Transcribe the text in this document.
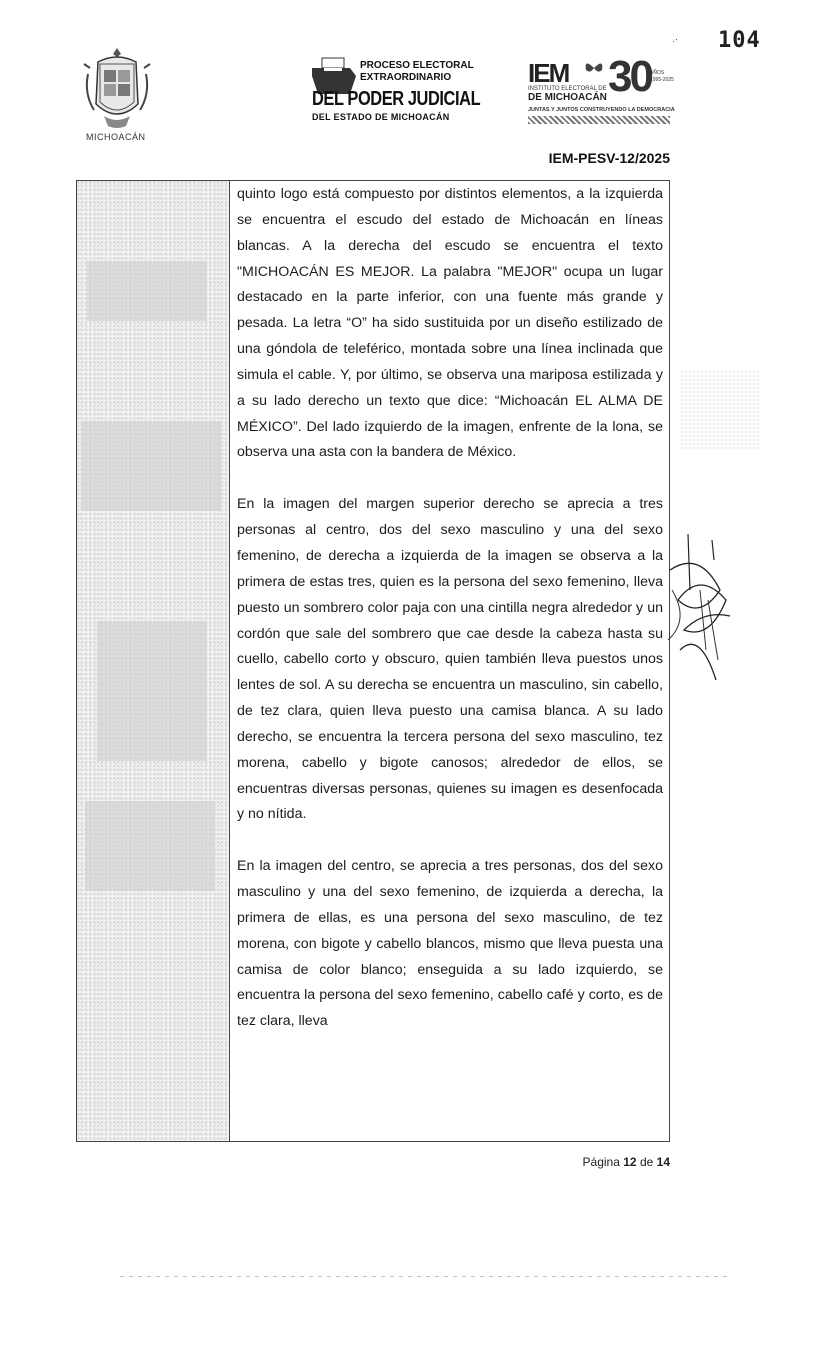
104
.·
MICHOACÁN
PROCESO ELECTORAL
EXTRAORDINARIO
DEL PODER JUDICIAL
DEL ESTADO DE MICHOACÁN
IEM 30 AÑOS
1995-2025
INSTITUTO ELECTORAL DE
DE MICHOACÁN
JUNTAS Y JUNTOS CONSTRUYENDO LA DEMOCRACIA
IEM-PESV-12/2025

quinto logo está compuesto por distintos elementos, a la izquierda se encuentra el escudo del estado de Michoacán en líneas blancas. A la derecha del escudo se encuentra el texto "MICHOACÁN ES MEJOR. La palabra "MEJOR" ocupa un lugar destacado en la parte inferior, con una fuente más grande y pesada. La letra “O” ha sido sustituida por un diseño estilizado de una góndola de teleférico, montada sobre una línea inclinada que simula el cable. Y, por último, se observa una mariposa estilizada y a su lado derecho un texto que dice: “Michoacán EL ALMA DE MÉXICO”. Del lado izquierdo de la imagen, enfrente de la lona, se observa una asta con la bandera de México.

En la imagen del margen superior derecho se aprecia a tres personas al centro, dos del sexo masculino y una del sexo femenino, de derecha a izquierda de la imagen se observa a la primera de estas tres, quien es la persona del sexo femenino, lleva puesto un sombrero color paja con una cintilla negra alrededor y un cordón que sale del sombrero que cae desde la cabeza hasta su cuello, cabello corto y obscuro, quien también lleva puestos unos lentes de sol. A su derecha se encuentra un masculino, sin cabello, de tez clara, quien lleva puesto una camisa blanca. A su lado derecho, se encuentra la tercera persona del sexo masculino, tez morena, cabello y bigote canosos; alrededor de ellos, se encuentras diversas personas, quienes su imagen es desenfocada y no nítida.

En la imagen del centro, se aprecia a tres personas, dos del sexo masculino y una del sexo femenino, de izquierda a derecha, la primera de ellas, es una persona del sexo masculino, de tez morena, con bigote y cabello blancos, mismo que lleva puesta una camisa de color blanco; enseguida a su lado izquierdo, se encuentra la persona del sexo femenino, cabello café y corto, es de tez clara, lleva

Página 12 de 14
